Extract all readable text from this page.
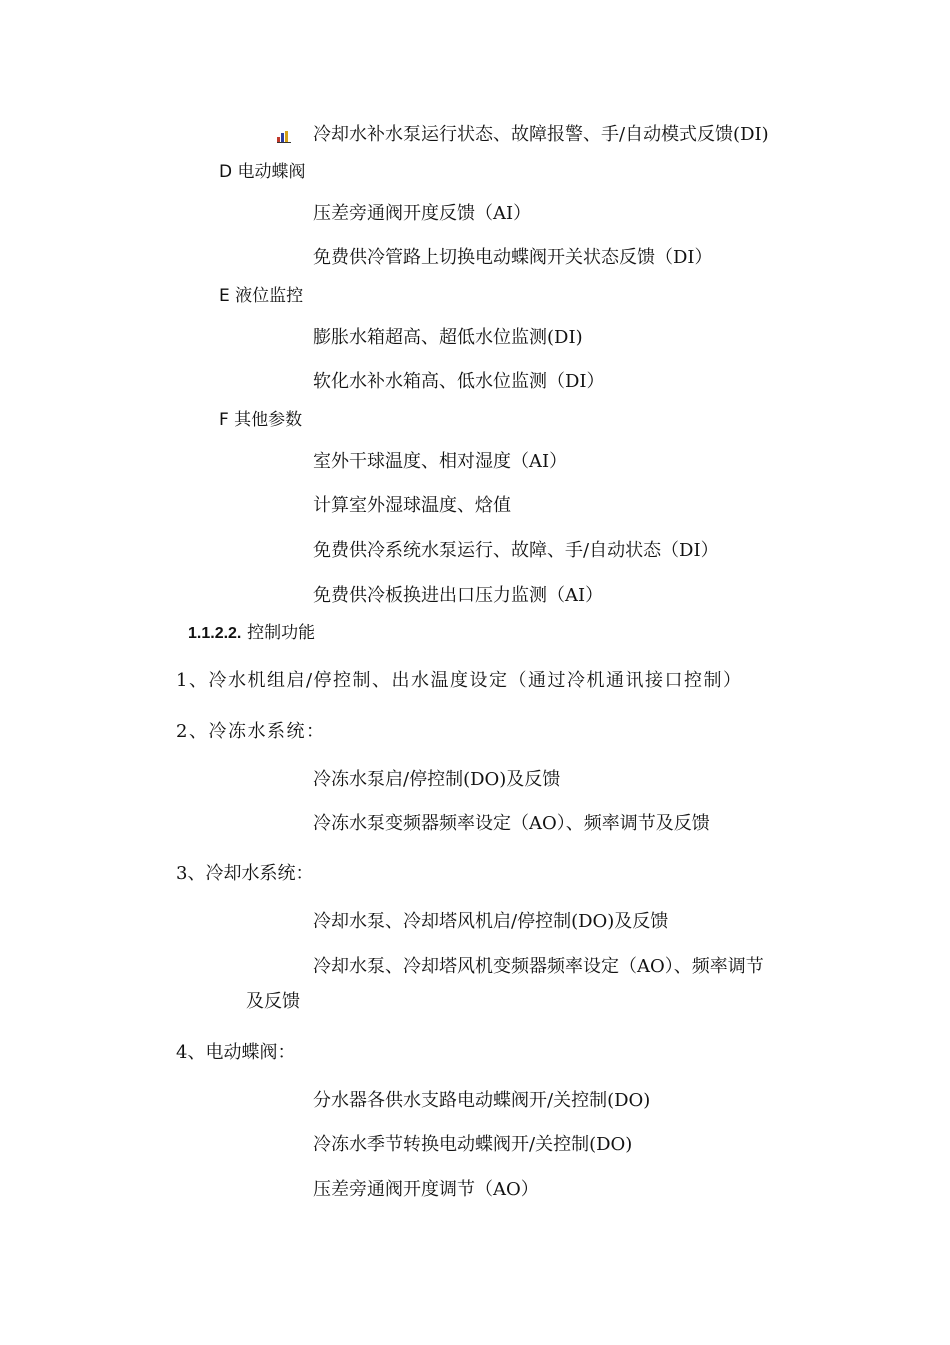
冷却水补水泵运行状态、故障报警、手/自动模式反馈(DI)
D 电动蝶阀
压差旁通阀开度反馈（AI）
免费供冷管路上切换电动蝶阀开关状态反馈（DI）
E 液位监控
膨胀水箱超高、超低水位监测(DI)
软化水补水箱高、低水位监测（DI）
F 其他参数
室外干球温度、相对湿度（AI）
计算室外湿球温度、焓值
免费供冷系统水泵运行、故障、手/自动状态（DI）
免费供冷板换进出口压力监测（AI）
1.1.2.2. 控制功能
1、冷水机组启/停控制、出水温度设定（通过冷机通讯接口控制）
2、冷冻水系统：
冷冻水泵启/停控制(DO)及反馈
冷冻水泵变频器频率设定（AO）、频率调节及反馈
3、冷却水系统：
冷却水泵、冷却塔风机启/停控制(DO)及反馈
冷却水泵、冷却塔风机变频器频率设定（AO）、频率调节
及反馈
4、电动蝶阀：
分水器各供水支路电动蝶阀开/关控制(DO)
冷冻水季节转换电动蝶阀开/关控制(DO)
压差旁通阀开度调节（AO）
